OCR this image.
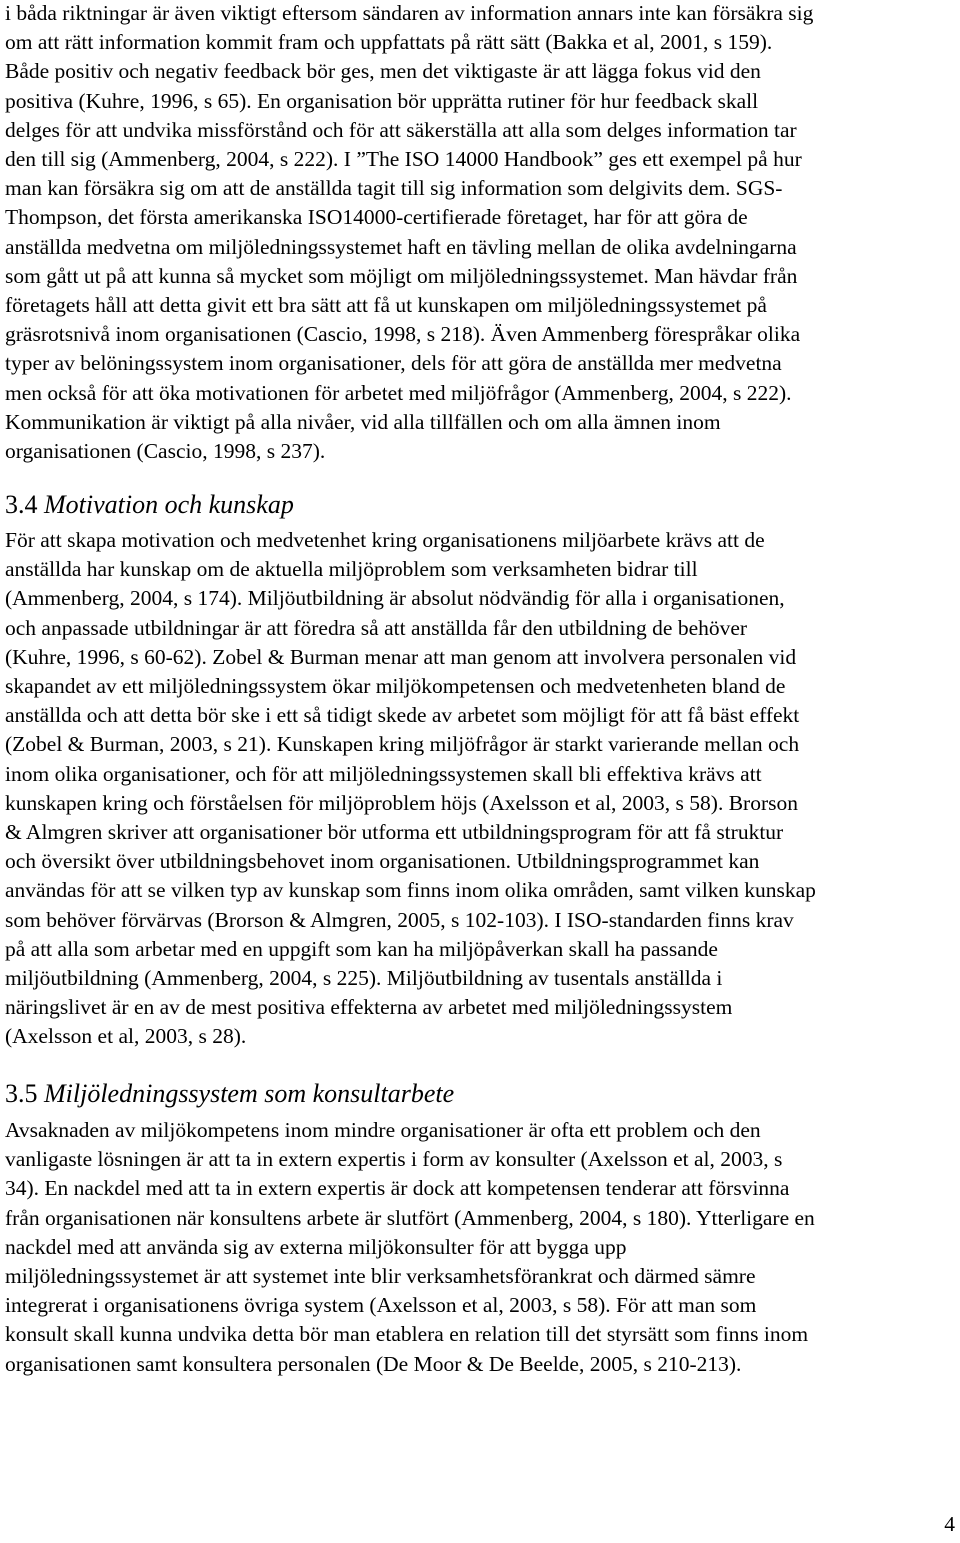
i båda riktningar är även viktigt eftersom sändaren av information annars inte kan försäkra sig
om att rätt information kommit fram och uppfattats på rätt sätt (Bakka et al, 2001, s 159).
Både positiv och negativ feedback bör ges, men det viktigaste är att lägga fokus vid den
positiva (Kuhre, 1996, s 65). En organisation bör upprätta rutiner för hur feedback skall
delges för att undvika missförstånd och för att säkerställa att alla som delges information tar
den till sig (Ammenberg, 2004, s 222). I ”The ISO 14000 Handbook” ges ett exempel på hur
man kan försäkra sig om att de anställda tagit till sig information som delgivits dem. SGS-
Thompson, det första amerikanska ISO14000-certifierade företaget, har för att göra de
anställda medvetna om miljöledningssystemet haft en tävling mellan de olika avdelningarna
som gått ut på att kunna så mycket som möjligt om miljöledningssystemet. Man hävdar från
företagets håll att detta givit ett bra sätt att få ut kunskapen om miljöledningssystemet på
gräsrotsnivå inom organisationen (Cascio, 1998, s 218). Även Ammenberg förespråkar olika
typer av belöningssystem inom organisationer, dels för att göra de anställda mer medvetna
men också för att öka motivationen för arbetet med miljöfrågor (Ammenberg, 2004, s 222).
Kommunikation är viktigt på alla nivåer, vid alla tillfällen och om alla ämnen inom
organisationen (Cascio, 1998, s 237).

3.4 Motivation och kunskap

För att skapa motivation och medvetenhet kring organisationens miljöarbete krävs att de
anställda har kunskap om de aktuella miljöproblem som verksamheten bidrar till
(Ammenberg, 2004, s 174). Miljöutbildning är absolut nödvändig för alla i organisationen,
och anpassade utbildningar är att föredra så att anställda får den utbildning de behöver
(Kuhre, 1996, s 60-62). Zobel & Burman menar att man genom att involvera personalen vid
skapandet av ett miljöledningssystem ökar miljökompetensen och medvetenheten bland de
anställda och att detta bör ske i ett så tidigt skede av arbetet som möjligt för att få bäst effekt
(Zobel & Burman, 2003, s 21). Kunskapen kring miljöfrågor är starkt varierande mellan och
inom olika organisationer, och för att miljöledningssystemen skall bli effektiva krävs att
kunskapen kring och förståelsen för miljöproblem höjs (Axelsson et al, 2003, s 58). Brorson
& Almgren skriver att organisationer bör utforma ett utbildningsprogram för att få struktur
och översikt över utbildningsbehovet inom organisationen. Utbildningsprogrammet kan
användas för att se vilken typ av kunskap som finns inom olika områden, samt vilken kunskap
som behöver förvärvas (Brorson & Almgren, 2005, s 102-103). I ISO-standarden finns krav
på att alla som arbetar med en uppgift som kan ha miljöpåverkan skall ha passande
miljöutbildning (Ammenberg, 2004, s 225). Miljöutbildning av tusentals anställda i
näringslivet är en av de mest positiva effekterna av arbetet med miljöledningssystem
(Axelsson et al, 2003, s 28).

3.5 Miljöledningssystem som konsultarbete

Avsaknaden av miljökompetens inom mindre organisationer är ofta ett problem och den
vanligaste lösningen är att ta in extern expertis i form av konsulter (Axelsson et al, 2003, s
34). En nackdel med att ta in extern expertis är dock att kompetensen tenderar att försvinna
från organisationen när konsultens arbete är slutfört (Ammenberg, 2004, s 180). Ytterligare en
nackdel med att använda sig av externa miljökonsulter för att bygga upp
miljöledningssystemet är att systemet inte blir verksamhetsförankrat och därmed sämre
integrerat i organisationens övriga system (Axelsson et al, 2003, s 58). För att man som
konsult skall kunna undvika detta bör man etablera en relation till det styrsätt som finns inom
organisationen samt konsultera personalen (De Moor & De Beelde, 2005, s 210-213).

4
